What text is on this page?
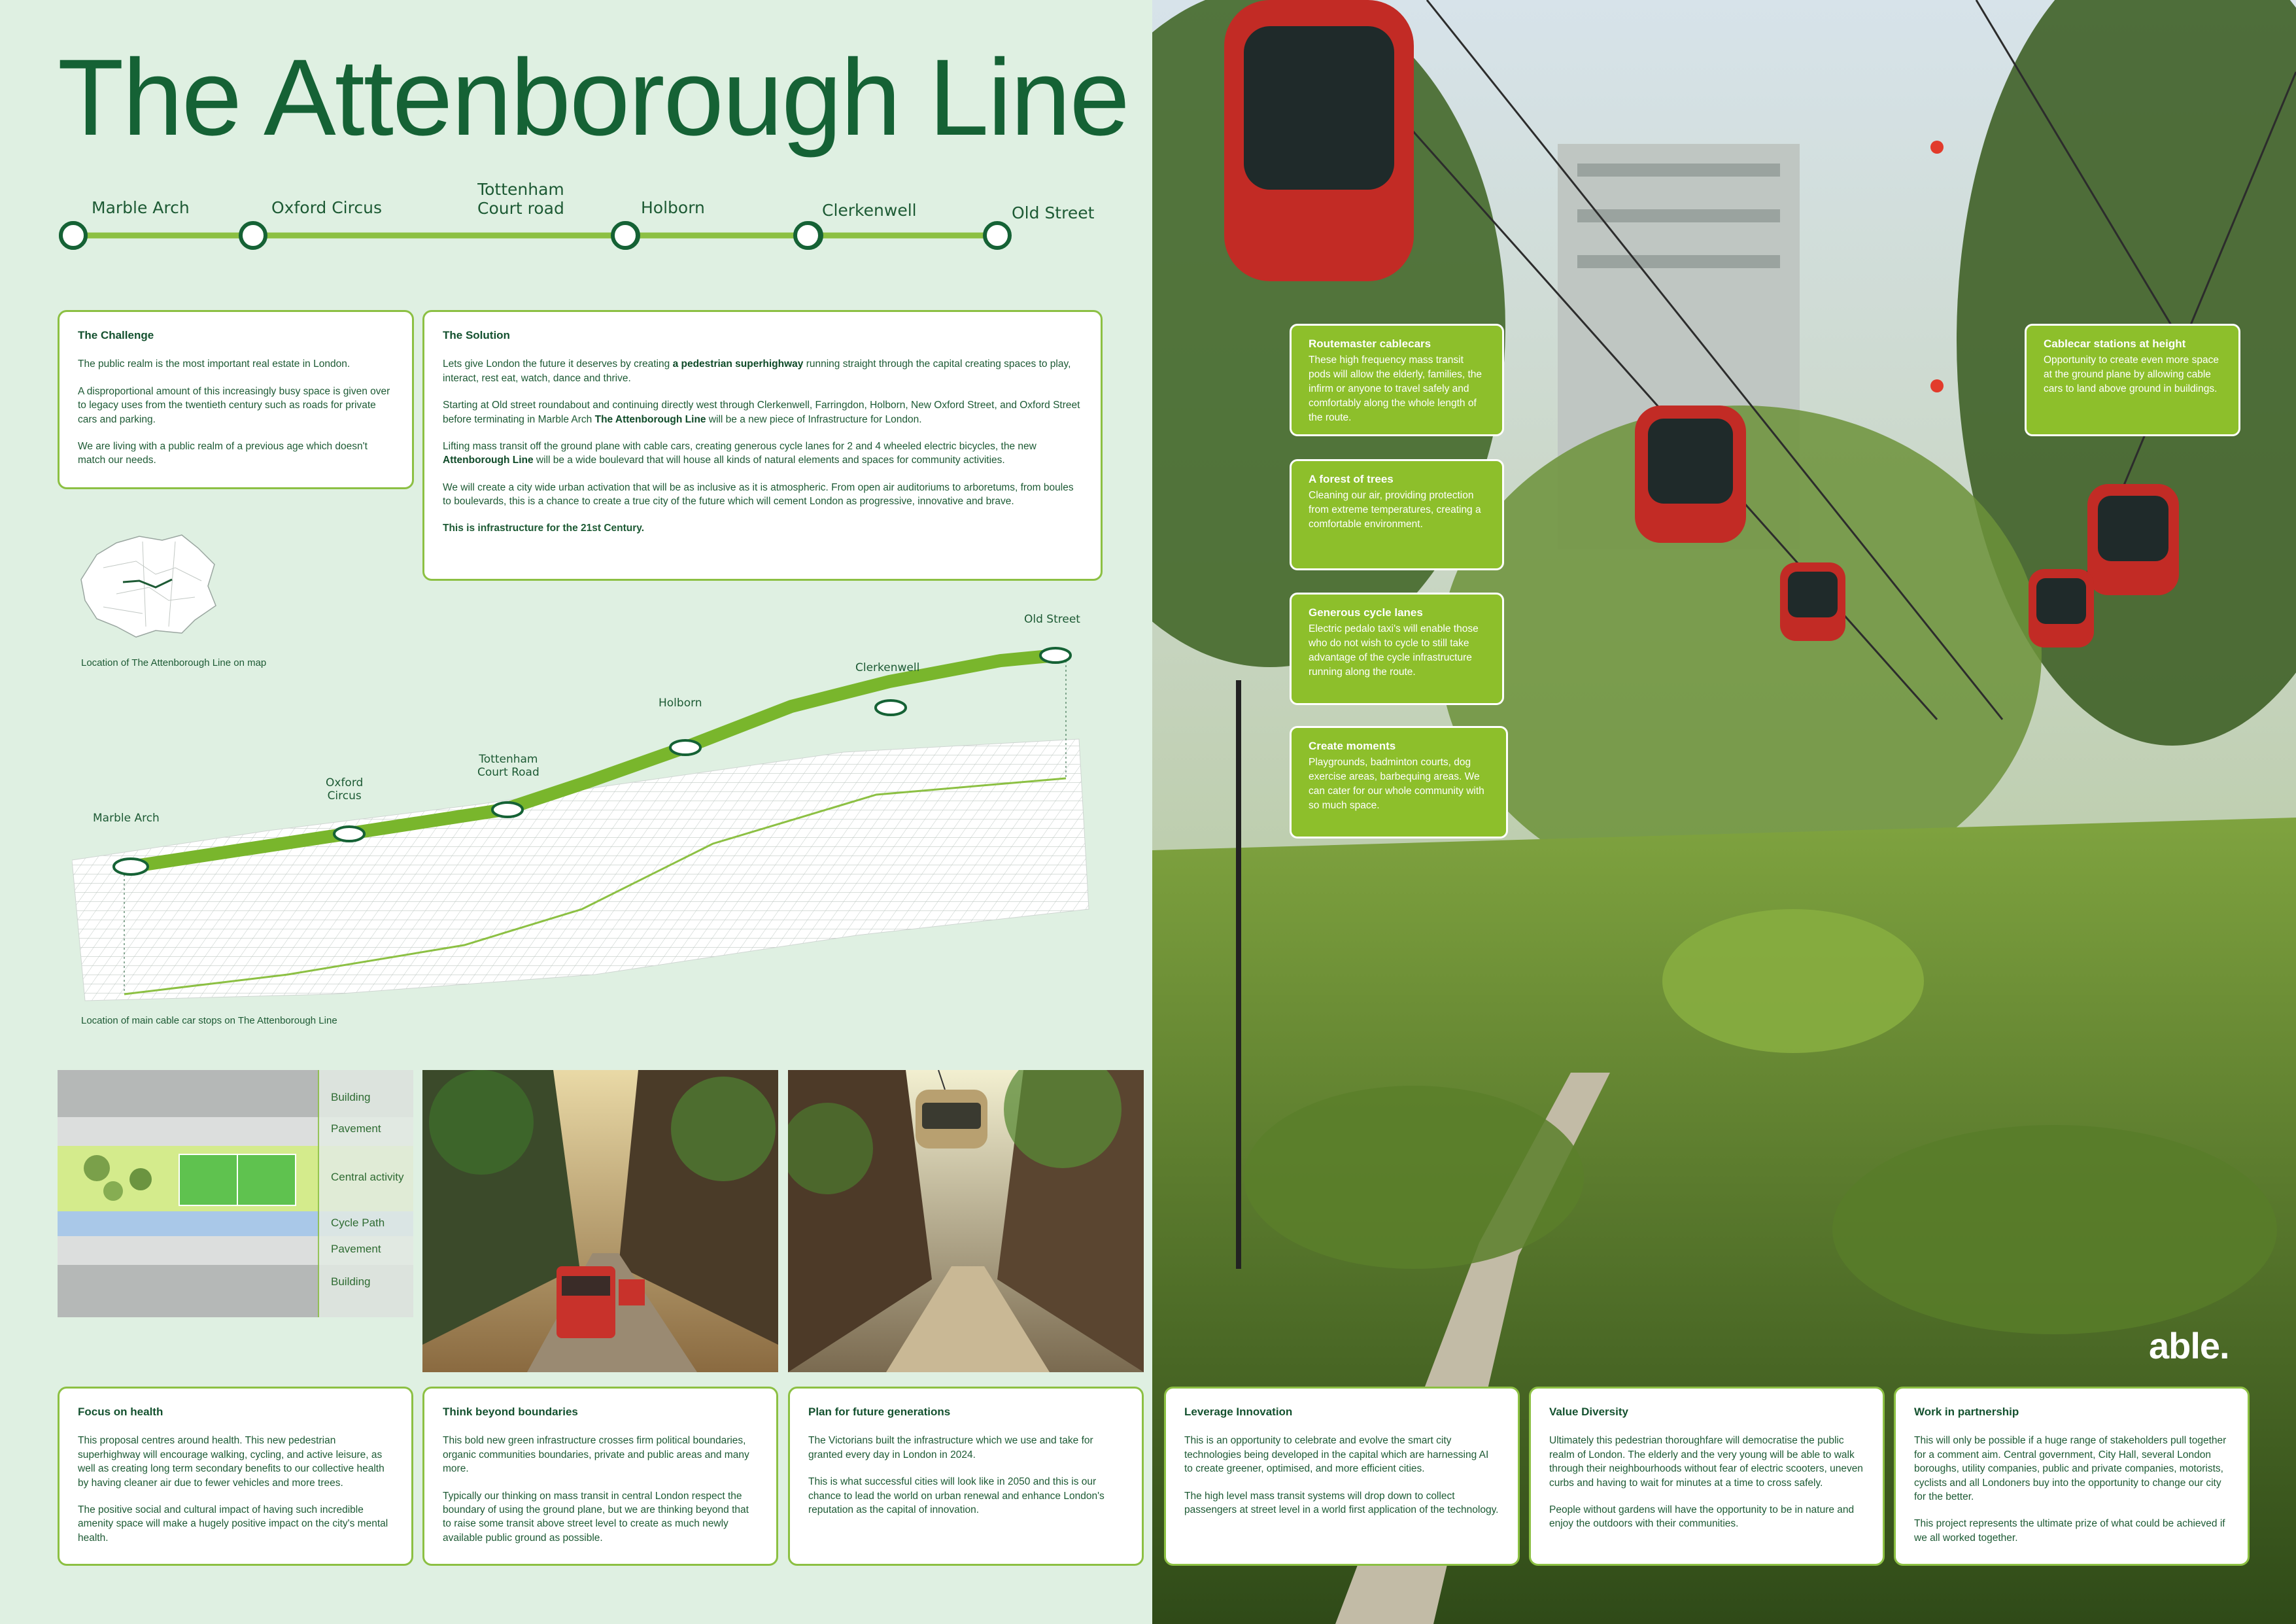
The Attenborough Line
Marble Arch	Oxford Circus
Tottenham
Court road	Holborn	Clerkenwell	Old Street
The Challenge

The public realm is the most important real estate in London.

A disproportional amount of this increasingly busy space is given over to legacy uses from the twentieth century such as roads for private cars and parking.

We are living with a public realm of a previous age which doesn't match our needs.

The Solution

Lets give London the future it deserves by creating a pedestrian superhighway running straight through the capital creating spaces to play, interact, rest eat, watch, dance and thrive.

Starting at Old street roundabout and continuing directly west through Clerkenwell, Farringdon, Holborn, New Oxford Street, and Oxford Street before terminating in Marble Arch The Attenborough Line will be a new piece of Infrastructure for London.

Lifting mass transit off the ground plane with cable cars, creating generous cycle lanes for 2 and 4 wheeled electric bicycles, the new Attenborough Line will be a wide boulevard that will house all kinds of natural elements and spaces for community activities.

We will create a city wide urban activation that will be as inclusive as it is atmospheric. From open air auditoriums to arboretums, from boules to boulevards, this is a chance to create a true city of the future which will cement London as progressive, innovative and brave.

This is infrastructure for the 21st Century.

Location of The Attenborough Line on map
Marble Arch
Oxford
Circus
Tottenham
Court Road
Holborn
Clerkenwell
Old Street
Location of main cable car stops on The Attenborough Line
Building
Pavement
Central activity
Cycle Path
Pavement
Building
Focus on health

This proposal centres around health. This new pedestrian superhighway will encourage walking, cycling, and active leisure, as well as creating long term secondary benefits to our collective health by having cleaner air due to fewer vehicles and more trees.

The positive social and cultural impact of having such incredible amenity space will make a hugely positive impact on the city's mental health.

Think beyond boundaries

This bold new green infrastructure crosses firm political boundaries, organic communities boundaries, private and public areas and many more.

Typically our thinking on mass transit in central London respect the boundary of using the ground plane, but we are thinking beyond that to raise some transit above street level to create as much newly available public ground as possible.

Plan for future generations

The Victorians built the infrastructure which we use and take for granted every day in London in 2024.

This is what successful cities will look like in 2050 and this is our chance to lead the world on urban renewal and enhance London's reputation as the capital of innovation.

Routemaster cablecars
These high frequency mass transit pods will allow the elderly, families, the infirm or anyone to travel safely and comfortably along the whole length of the route.
A forest of trees
Cleaning our air, providing protection from extreme temperatures, creating a comfortable environment.
Generous cycle lanes
Electric pedalo taxi's will enable those who do not wish to cycle to still take advantage of the cycle infrastructure running along the route.
Create moments
Playgrounds, badminton courts, dog exercise areas, barbequing areas. We can cater for our whole community with so much space.
Cablecar stations at height
Opportunity to create even more space at the ground plane by allowing cable cars to land above ground in buildings.
able.
Leverage Innovation

This is an opportunity to celebrate and evolve the smart city technologies being developed in the capital which are harnessing AI to create greener, optimised, and more efficient cities.

The high level mass transit systems will drop down to collect passengers at street level in a world first application of the technology.

Value Diversity

Ultimately this pedestrian thoroughfare will democratise the public realm of London. The elderly and the very young will be able to walk through their neighbourhoods without fear of electric scooters, uneven curbs and having to wait for minutes at a time to cross safely.

People without gardens will have the opportunity to be in nature and enjoy the outdoors with their communities.

Work in partnership

This will only be possible if a huge range of stakeholders pull together for a comment aim. Central government, City Hall, several London boroughs, utility companies, public and private companies, motorists, cyclists and all Londoners buy into the opportunity to change our city for the better.

This project represents the ultimate prize of what could be achieved if we all worked together.
